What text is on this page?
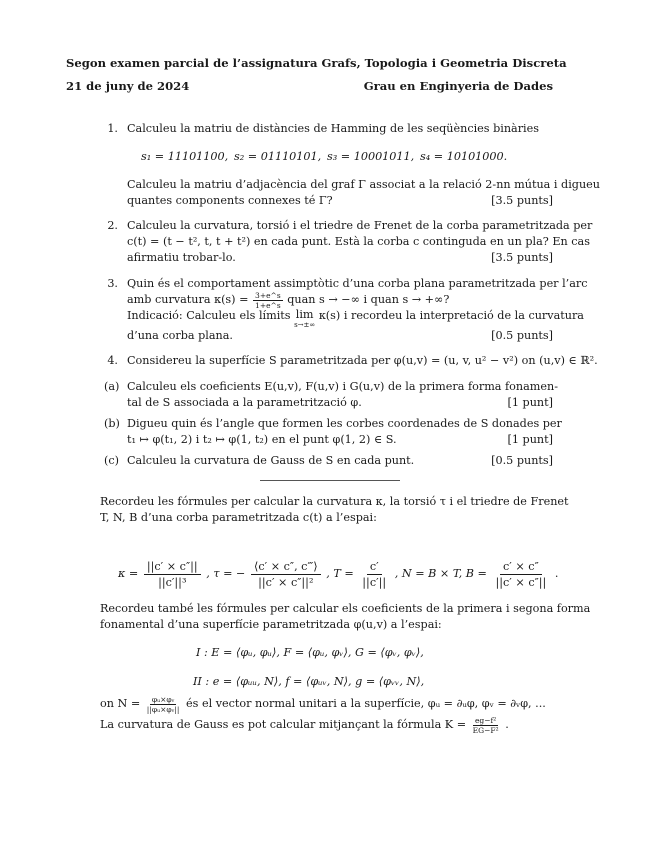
Segon examen parcial de l’assignatura Grafs, Topologia i Geometria Discreta
21 de juny de 2024	Grau en Enginyeria de Dades
1. Calculeu la matriu de distàncies de Hamming de les seqüències binàries
s₁ = 11101100, s₂ = 01110101, s₃ = 10001011, s₄ = 10101000.
Calculeu la matriu d’adjacència del graf Γ associat a la relació 2-nn mútua i digueu
quantes components connexes té Γ?	[3.5 punts]
2. Calculeu la curvatura, torsió i el triedre de Frenet de la corba parametritzada per
c(t) = (t − t², t, t + t²) en cada punt. Està la corba c continguda en un pla? En cas
afirmatiu trobar-lo.	[3.5 punts]
3. Quin és el comportament assimptòtic d’una corba plana parametritzada per l’arc
amb curvatura $\kappa(s) = \frac{3+e\^{}s}{1+e\^{}s}$ quan s → −∞ i quan s → +∞?
Indicació: Calculeu els límits lim
s→±∞
κ(s) i recordeu la interpretació de la curvatura
d’una corba plana.	[0.5 punts]
4. Considereu la superfície S parametritzada per φ(u,v) = (u, v, u² − v²) on (u,v) ∈ ℝ².
(a) Calculeu els coeficients E(u,v), F(u,v) i G(u,v) de la primera forma fonamen-
tal de S associada a la parametrització φ.	[1 punt]
(b) Digueu quin és l’angle que formen les corbes coordenades de S donades per
t₁ ↦ φ(t₁, 2) i t₂ ↦ φ(1, t₂) en el punt φ(1, 2) ∈ S.	[1 punt]
(c) Calculeu la curvatura de Gauss de S en cada punt.	[0.5 punts]
Recordeu les fórmules per calcular la curvatura κ, la torsió τ i el triedre de Frenet
T, N, B d’una corba parametritzada c(t) a l’espai:
$\kappa = \frac{||c' \times c''||}{\text{||c′||³}}$ , τ = − $\frac{⟨c' \times c'', c‴⟩}{\text{||c′ × c″||²}}$ , $T = \frac{c'}{||c'||}$ , N = B × T, $B = \frac{c' \times c''}{||c' \times c''||}$ .
Recordeu també les fórmules per calcular els coeficients de la primera i segona forma
fonamental d’una superfície parametritzada φ(u,v) a l’espai:
I : E = ⟨φᵤ, φᵤ⟩, F = ⟨φᵤ, φᵥ⟩, G = ⟨φᵥ, φᵥ⟩,
II : e = ⟨φᵤᵤ, N⟩, f = ⟨φᵤᵥ, N⟩, g = ⟨φᵥᵥ, N⟩,
on $N = \frac{\text{φᵤ×φᵥ}}{\text{||φᵤ×φᵥ||}}$ és el vector normal unitari a la superfície, φᵤ = ∂ᵤφ, φᵥ = ∂ᵥφ, ...
La curvatura de Gauss es pot calcular mitjançant la fórmula $K = \frac{\text{eg−f²}}{\text{EG−F²}}$ .
